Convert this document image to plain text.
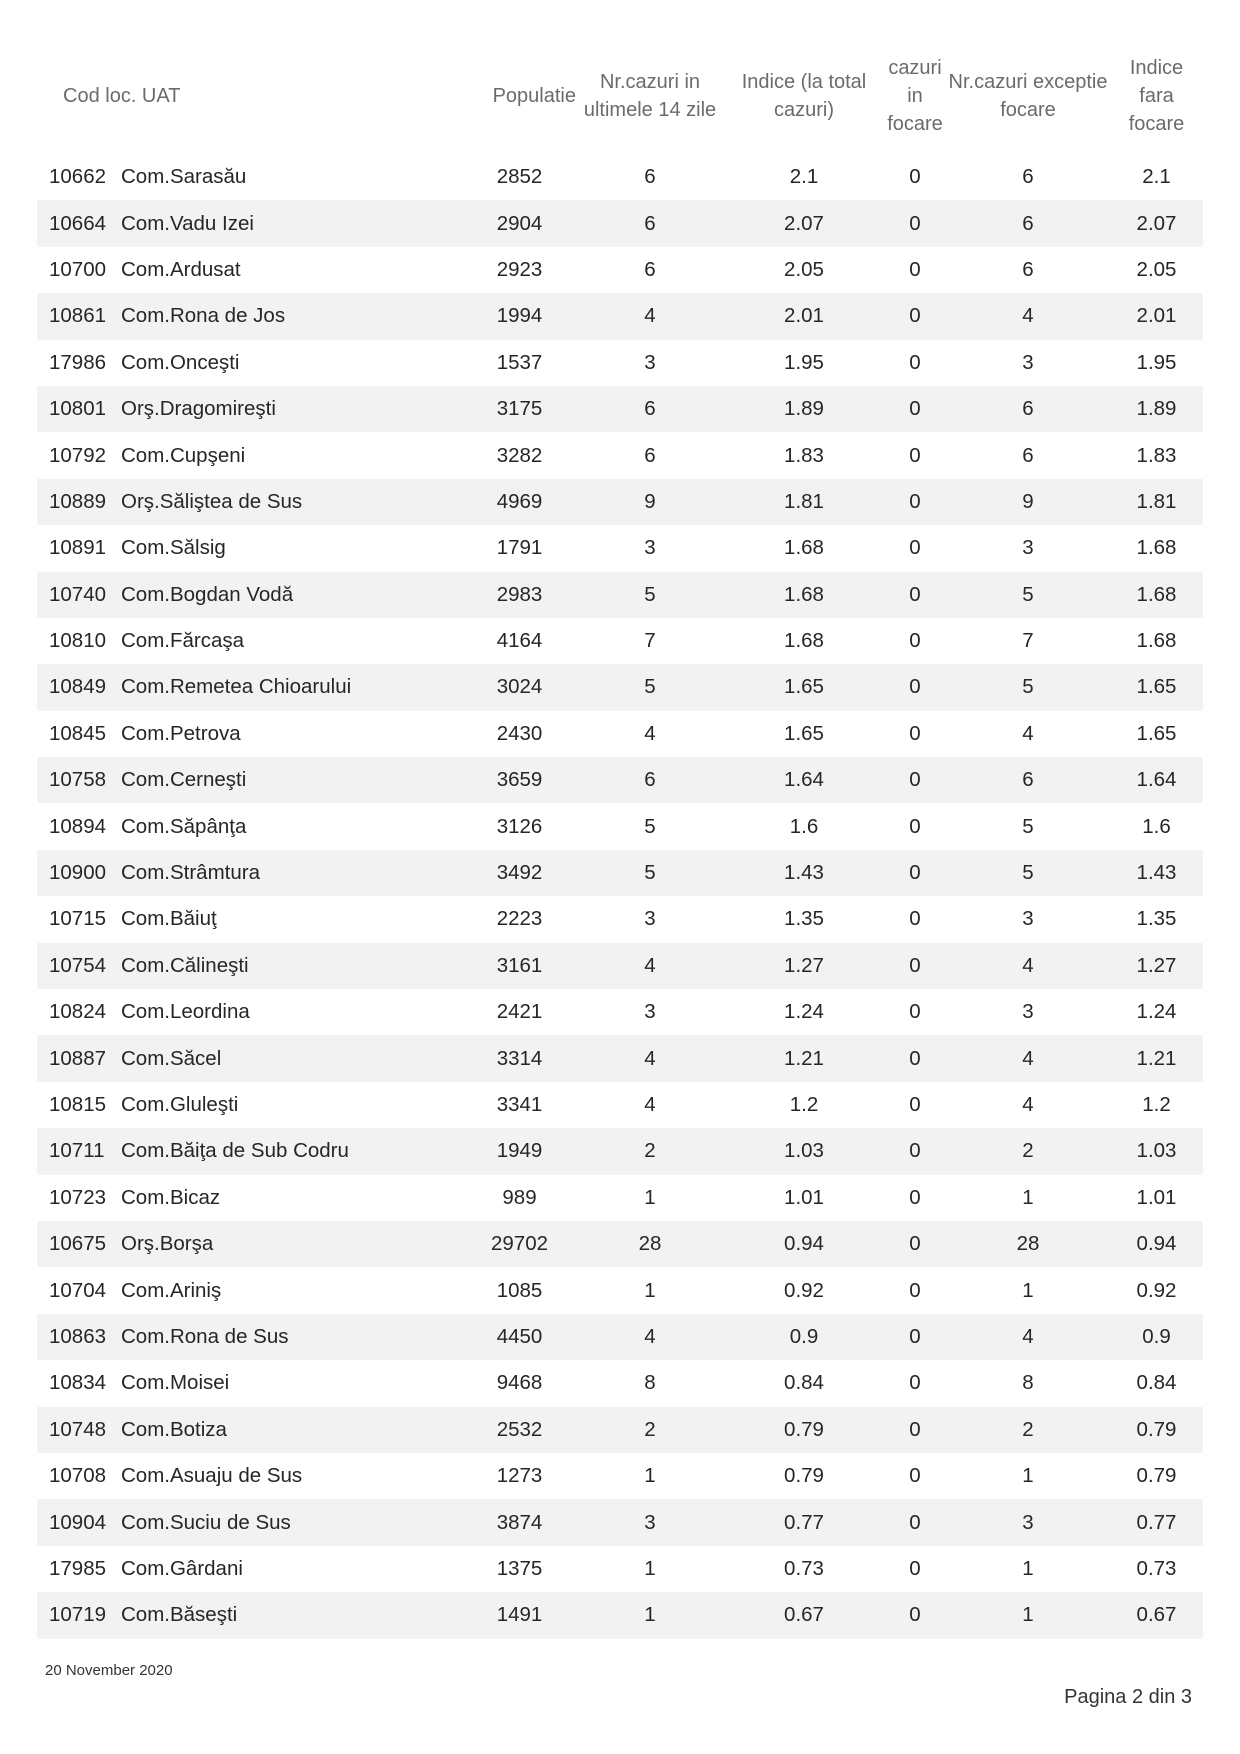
Cod loc. UAT	Populatie	Nr.cazuri in ultimele 14 zile	Indice (la total cazuri)	cazuri in focare	Nr.cazuri exceptie focare	Indice fara focare
10662 Com.Sarasău	2852	6	2.1	0	6	2.1
10664 Com.Vadu Izei	2904	6	2.07	0	6	2.07
10700 Com.Ardusat	2923	6	2.05	0	6	2.05
10861 Com.Rona de Jos	1994	4	2.01	0	4	2.01
17986 Com.Onceşti	1537	3	1.95	0	3	1.95
10801 Orş.Dragomireşti	3175	6	1.89	0	6	1.89
10792 Com.Cupşeni	3282	6	1.83	0	6	1.83
10889 Orş.Săliştea de Sus	4969	9	1.81	0	9	1.81
10891 Com.Sălsig	1791	3	1.68	0	3	1.68
10740 Com.Bogdan Vodă	2983	5	1.68	0	5	1.68
10810 Com.Fărcaşa	4164	7	1.68	0	7	1.68
10849 Com.Remetea Chioarului	3024	5	1.65	0	5	1.65
10845 Com.Petrova	2430	4	1.65	0	4	1.65
10758 Com.Cerneşti	3659	6	1.64	0	6	1.64
10894 Com.Săpânţa	3126	5	1.6	0	5	1.6
10900 Com.Strâmtura	3492	5	1.43	0	5	1.43
10715 Com.Băiuţ	2223	3	1.35	0	3	1.35
10754 Com.Călineşti	3161	4	1.27	0	4	1.27
10824 Com.Leordina	2421	3	1.24	0	3	1.24
10887 Com.Săcel	3314	4	1.21	0	4	1.21
10815 Com.Gluleşti	3341	4	1.2	0	4	1.2
10711 Com.Băiţa de Sub Codru	1949	2	1.03	0	2	1.03
10723 Com.Bicaz	989	1	1.01	0	1	1.01
10675 Orş.Borşa	29702	28	0.94	0	28	0.94
10704 Com.Ariniş	1085	1	0.92	0	1	0.92
10863 Com.Rona de Sus	4450	4	0.9	0	4	0.9
10834 Com.Moisei	9468	8	0.84	0	8	0.84
10748 Com.Botiza	2532	2	0.79	0	2	0.79
10708 Com.Asuaju de Sus	1273	1	0.79	0	1	0.79
10904 Com.Suciu de Sus	3874	3	0.77	0	3	0.77
17985 Com.Gârdani	1375	1	0.73	0	1	0.73
10719 Com.Băseşti	1491	1	0.67	0	1	0.67
20 November 2020
Pagina 2 din 3
